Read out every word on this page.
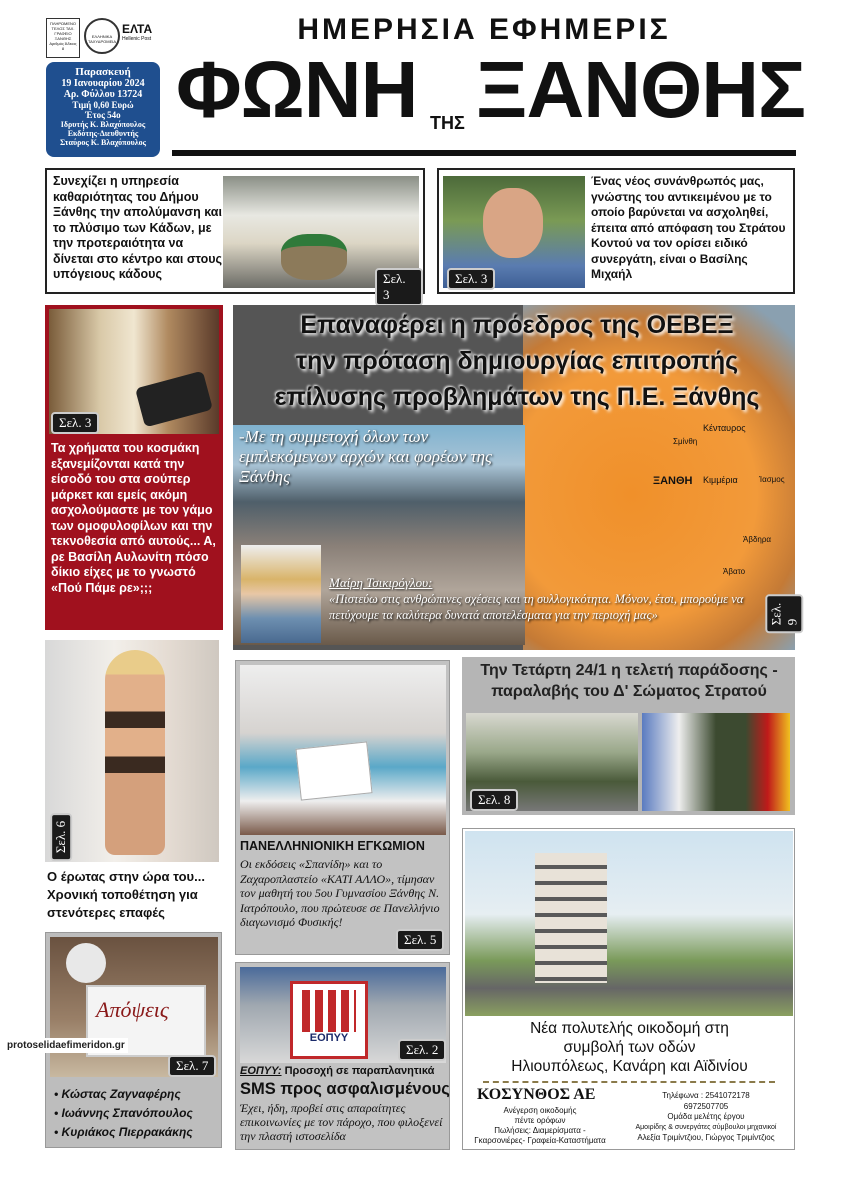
ΠΛΗΡΩΜΕΝΟ ΤΕΛΟΣ ΤΑΧ. ΓΡΑΦΕΙΟ ΞΑΝΘΗΣ Αριθμός Άδειας 8
ΕΛΛΗΝΙΚΑ ΤΑΧΥΔΡΟΜΕΙΑ
ΕΛΤΑ
Hellenic Post
Παρασκευή
19 Ιανουαρίου 2024
Αρ. Φύλλου 13724
Τιμή 0,60 Ευρώ
Έτος 54ο
Ιδρυτής Κ. Βλαχόπουλος
Εκδότης-Διευθυντής
Σταύρος Κ. Βλαχόπουλος
ΗΜΕΡΗΣΙΑ ΕΦΗΜΕΡΙΣ
ΦΩΝΗ ΤΗΣ ΞΑΝΘΗΣ
Συνεχίζει η υπηρεσία καθαριότητας του Δήμου Ξάνθης την απολύμανση και το πλύσιμο των Κάδων, με την προτεραιότητα να δίνεται στο κέντρο και στους υπόγειους κάδους	Σελ. 3
Σελ. 3
Ένας νέος συνάνθρωπός μας, γνώστης του αντικειμένου με το οποίο βαρύνεται να ασχοληθεί, έπειτα από απόφαση του Στράτου Κοντού να τον ορίσει ειδικό συνεργάτη, είναι ο Βασίλης Μιχαήλ
Σελ. 3
Τα χρήματα του κοσμάκη εξανεμίζονται κατά την είσοδό του στα σούπερ μάρκετ και εμείς ακόμη ασχολούμαστε με τον γάμο των ομοφυλοφίλων και την τεκνοθεσία από αυτούς... Α, ρε Βασίλη Αυλωνίτη πόσο δίκιο είχες με το γνωστό «Πού Πάμε ρε»;;;
ΞΑΝΘΗ Κιμμέρια
Κένταυρος
Σμίνθη
Άβδηρα
Άβατο
Ίασμος
Επαναφέρει η πρόεδρος της ΟΕΒΕΞ
την πρόταση δημιουργίας επιτροπής
επίλυσης προβλημάτων της Π.Ε. Ξάνθης
-Με τη συμμετοχή όλων των εμπλεκόμενων αρχών και φορέων της Ξάνθης
Μαίρη Τσικιρόγλου:
«Πιστεύω στις ανθρώπινες σχέσεις και τη συλλογικότητα. Μόνον, έτσι, μπορούμε να πετύχουμε τα καλύτερα δυνατά αποτελέσματα για την περιοχή μας»	Σελ. 9
Σελ. 6
Ο έρωτας στην ώρα του... Χρονική τοποθέτηση για στενότερες επαφές
ΠΑΝΕΛΛΗΝΙΟΝΙΚΗ ΕΓΚΩΜΙΟΝ
Οι εκδόσεις «Σπανίδη» και το Ζαχαροπλαστείο «ΚΑΤΙ ΑΛΛΟ», τίμησαν τον μαθητή του 5ου Γυμνασίου Ξάνθης Ν. Ιατρόπουλο, που πρώτευσε σε Πανελλήνιο διαγωνισμό Φυσικής!
Σελ. 5
Την Τετάρτη 24/1 η τελετή παράδοσης - παραλαβής του Δ' Σώματος Στρατού
Σελ. 8
Νέα πολυτελής οικοδομή στη
συμβολή των οδών
Ηλιουπόλεως, Κανάρη και Αϊδινίου
ΚΟΣΥΝΘΟΣ ΑΕ
Ανέγερση οικοδομής
πέντε ορόφων
Πωλήσεις: Διαμερίσματα -
Γκαρσονιέρες- Γραφεία-Καταστήματα
Τηλέφωνα : 2541072178
6972507705
Ομάδα μελέτης έργου
Αμοιρίδης & συνεργάτες σύμβουλοι μηχανικοί
Αλεξία Τριμίντζιου, Γιώργος Τριμίντζιος
Απόψεις
Σελ. 7
• Κώστας Ζαγναφέρης
• Ιωάννης Σπανόπουλος
• Κυριάκος Πιερρακάκης
ΕΟΠΥΥ
Σελ. 2
ΕΟΠΥΥ: Προσοχή σε παραπλανητικά
SMS προς ασφαλισμένους
Έχει, ήδη, προβεί στις απαραίτητες επικοινωνίες με τον πάροχο, που φιλοξενεί την πλαστή ιστοσελίδα
protoselidaefimeridon.gr
